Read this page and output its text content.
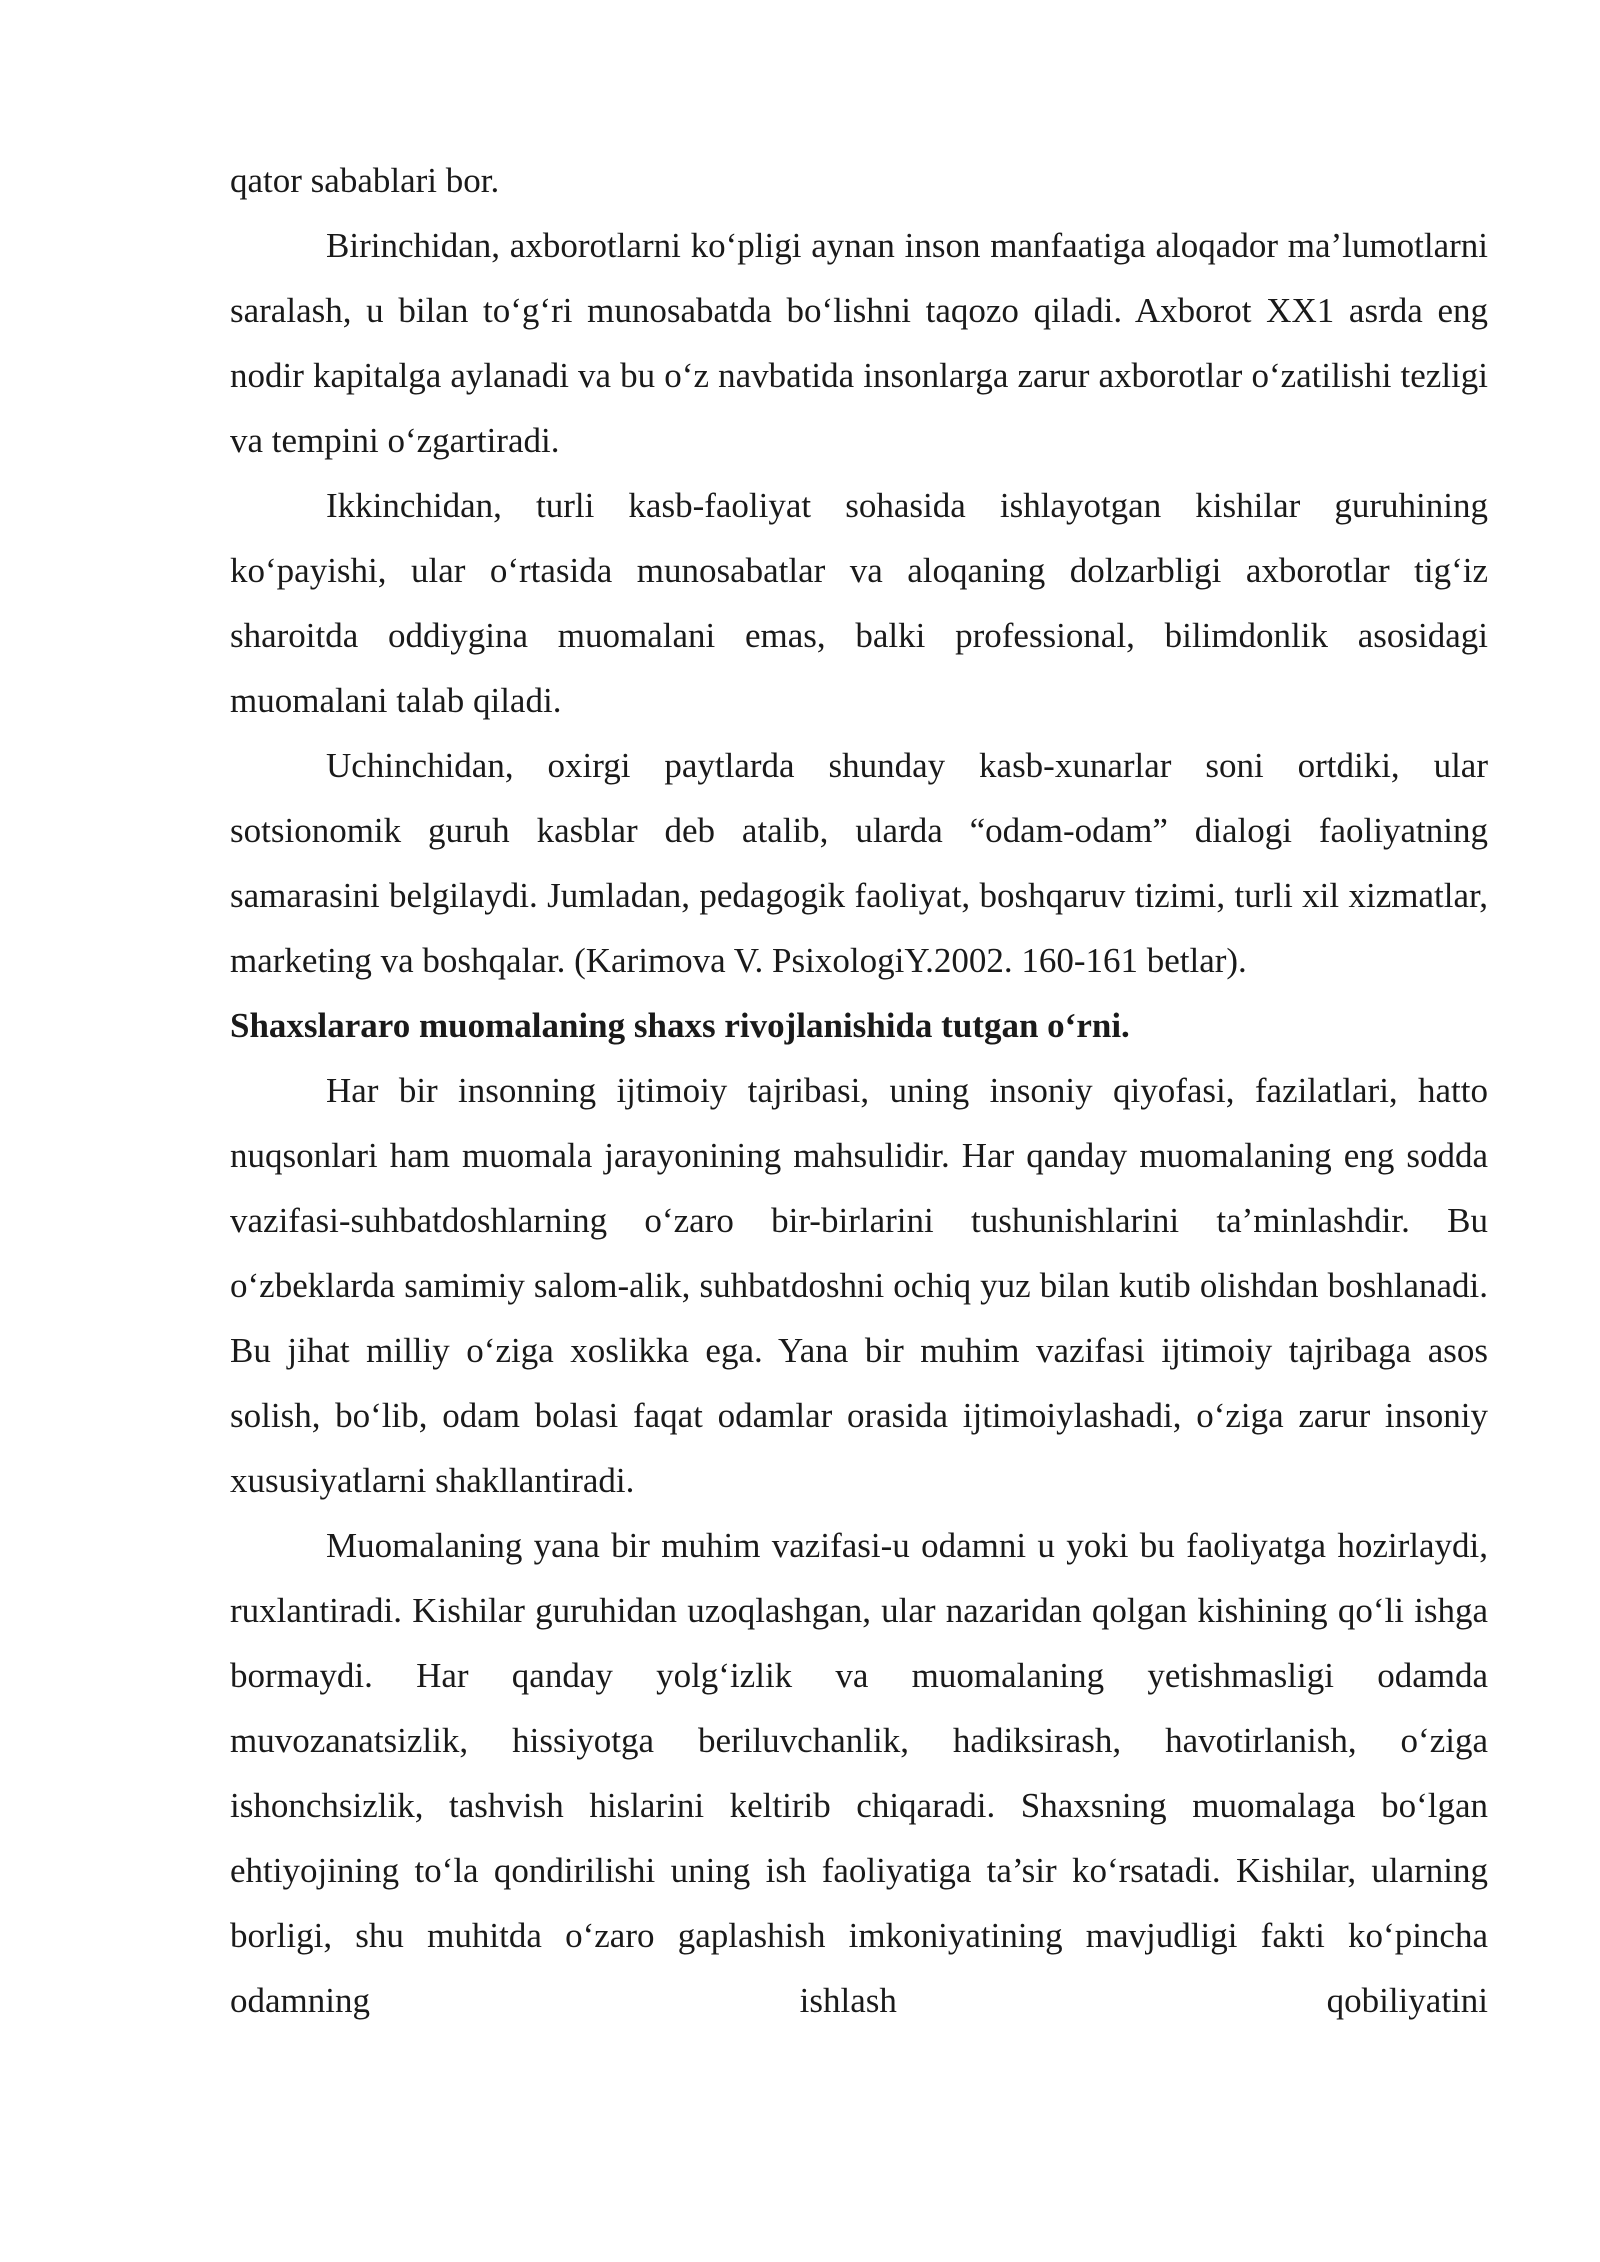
qator sabablari bor.

Birinchidan, axborotlarni ko‘pligi aynan inson manfaatiga aloqador ma’lumotlarni saralash, u bilan to‘g‘ri munosabatda bo‘lishni taqozo qiladi. Axborot XX1 asrda eng nodir kapitalga aylanadi va bu o‘z navbatida insonlarga zarur axborotlar o‘zatilishi tezligi va tempini o‘zgartiradi.

Ikkinchidan, turli kasb-faoliyat sohasida ishlayotgan kishilar guruhining ko‘payishi, ular o‘rtasida munosabatlar va aloqaning dolzarbligi axborotlar tig‘iz sharoitda oddiygina muomalani emas, balki professional, bilimdonlik asosidagi muomalani talab qiladi.

Uchinchidan, oxirgi paytlarda shunday kasb-xunarlar soni ortdiki, ular sotsionomik guruh kasblar deb atalib, ularda “odam-odam” dialogi faoliyatning samarasini belgilaydi. Jumladan, pedagogik faoliyat, boshqaruv tizimi, turli xil xizmatlar, marketing va boshqalar. (Karimova V. PsixologiY.2002. 160-161 betlar).

Shaxslararo muomalaning shaxs rivojlanishida tutgan o‘rni.

Har bir insonning ijtimoiy tajribasi, uning insoniy qiyofasi, fazilatlari, hatto nuqsonlari ham muomala jarayonining mahsulidir. Har qanday muomalaning eng sodda vazifasi-suhbatdoshlarning o‘zaro bir-birlarini tushunishlarini ta’minlashdir. Bu o‘zbeklarda samimiy salom-alik, suhbatdoshni ochiq yuz bilan kutib olishdan boshlanadi. Bu jihat milliy o‘ziga xoslikka ega. Yana bir muhim vazifasi ijtimoiy tajribaga asos solish, bo‘lib, odam bolasi faqat odamlar orasida ijtimoiylashadi, o‘ziga zarur insoniy xususiyatlarni shakllantiradi.

Muomalaning yana bir muhim vazifasi-u odamni u yoki bu faoliyatga hozirlaydi, ruxlantiradi. Kishilar guruhidan uzoqlashgan, ular nazaridan qolgan kishining qo‘li ishga bormaydi. Har qanday yolg‘izlik va muomalaning yetishmasligi odamda muvozanatsizlik, hissiyotga beriluvchanlik, hadiksirash, havotirlanish, o‘ziga ishonchsizlik, tashvish hislarini keltirib chiqaradi. Shaxsning muomalaga bo‘lgan ehtiyojining to‘la qondirilishi uning ish faoliyatiga ta’sir ko‘rsatadi. Kishilar, ularning borligi, shu muhitda o‘zaro gaplashish imkoniyatining mavjudligi fakti ko‘pincha odamning ishlash qobiliyatini
